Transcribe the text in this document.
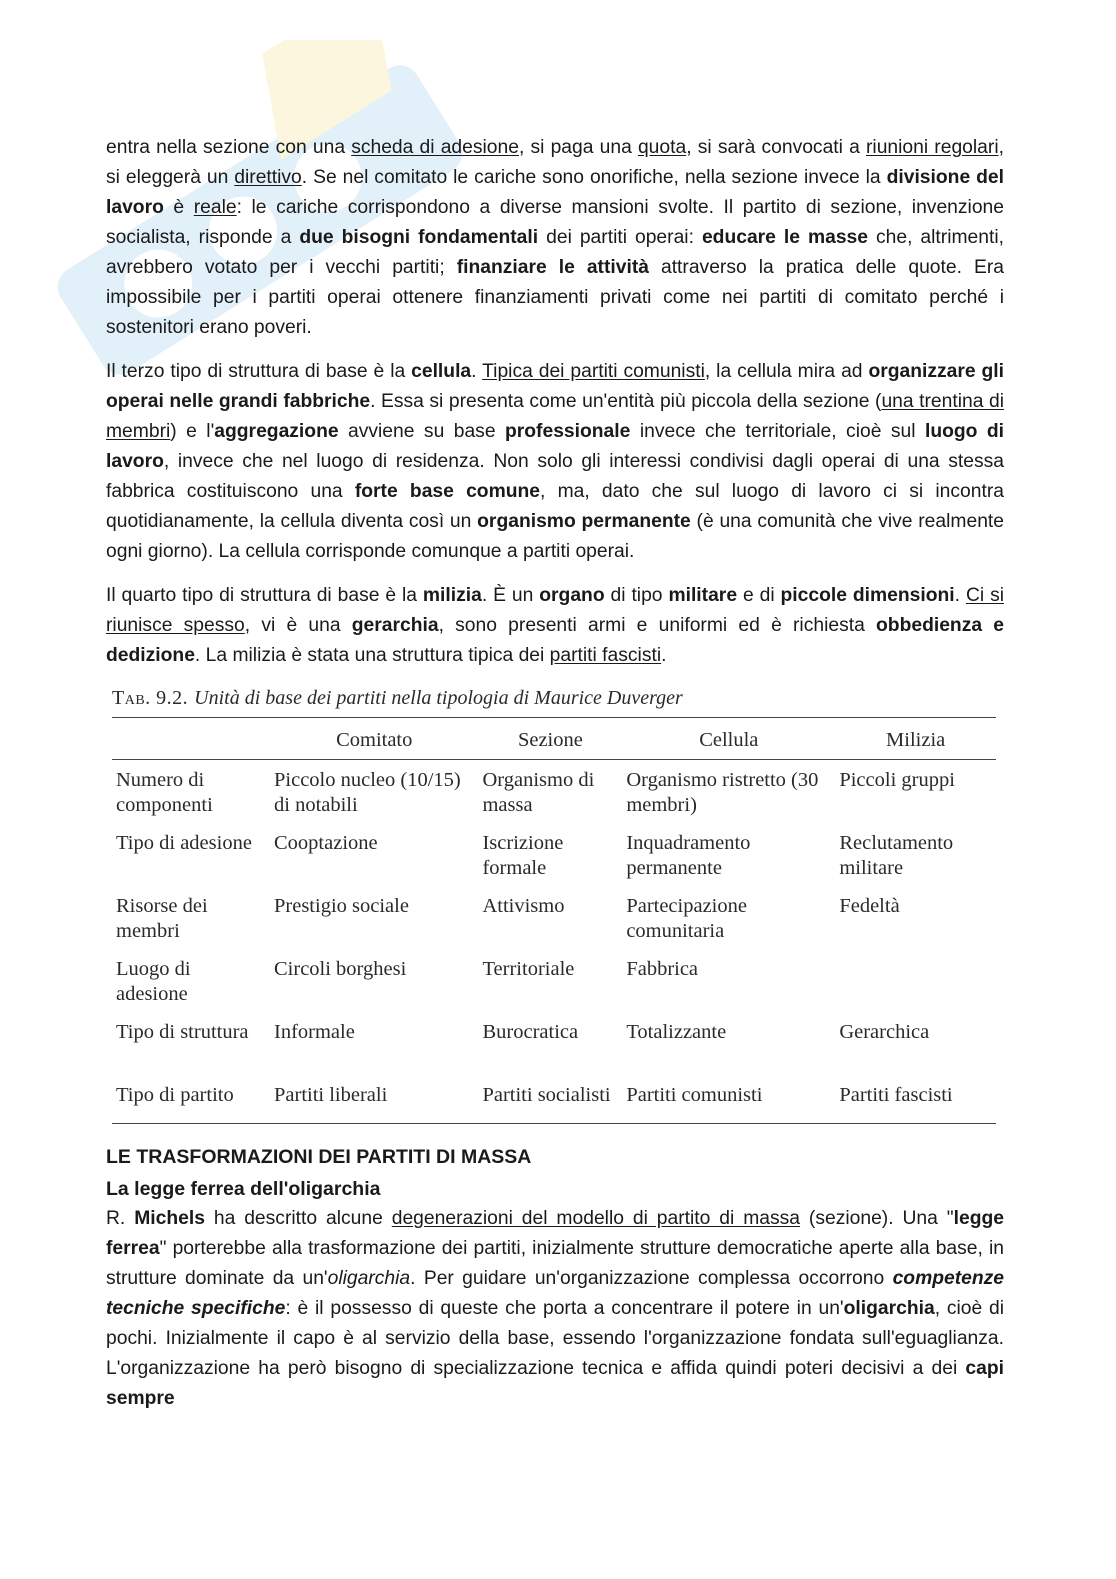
entra nella sezione con una scheda di adesione, si paga una quota, si sarà convocati a riunioni regolari, si eleggerà un direttivo. Se nel comitato le cariche sono onorifiche, nella sezione invece la divisione del lavoro è reale: le cariche corrispondono a diverse mansioni svolte. Il partito di sezione, invenzione socialista, risponde a due bisogni fondamentali dei partiti operai: educare le masse che, altrimenti, avrebbero votato per i vecchi partiti; finanziare le attività attraverso la pratica delle quote. Era impossibile per i partiti operai ottenere finanziamenti privati come nei partiti di comitato perché i sostenitori erano poveri.

Il terzo tipo di struttura di base è la cellula. Tipica dei partiti comunisti, la cellula mira ad organizzare gli operai nelle grandi fabbriche. Essa si presenta come un'entità più piccola della sezione (una trentina di membri) e l'aggregazione avviene su base professionale invece che territoriale, cioè sul luogo di lavoro, invece che nel luogo di residenza. Non solo gli interessi condivisi dagli operai di una stessa fabbrica costituiscono una forte base comune, ma, dato che sul luogo di lavoro ci si incontra quotidianamente, la cellula diventa così un organismo permanente (è una comunità che vive realmente ogni giorno). La cellula corrisponde comunque a partiti operai.

Il quarto tipo di struttura di base è la milizia. È un organo di tipo militare e di piccole dimensioni. Ci si riunisce spesso, vi è una gerarchia, sono presenti armi e uniformi ed è richiesta obbedienza e dedizione. La milizia è stata una struttura tipica dei partiti fascisti.

Tab. 9.2. Unità di base dei partiti nella tipologia di Maurice Duverger
	Comitato	Sezione	Cellula	Milizia
Numero di componenti	Piccolo nucleo (10/15) di notabili	Organismo di massa	Organismo ristretto (30 membri)	Piccoli gruppi
Tipo di adesione	Cooptazione	Iscrizione formale	Inquadramento permanente	Reclutamento militare
Risorse dei membri	Prestigio sociale	Attivismo	Partecipazione comunitaria	Fedeltà
Luogo di adesione	Circoli borghesi	Territoriale	Fabbrica	
Tipo di struttura	Informale	Burocratica	Totalizzante	Gerarchica
Tipo di partito	Partiti liberali	Partiti socialisti	Partiti comunisti	Partiti fascisti
LE TRASFORMAZIONI DEI PARTITI DI MASSA
La legge ferrea dell'oligarchia

R. Michels ha descritto alcune degenerazioni del modello di partito di massa (sezione). Una "legge ferrea" porterebbe alla trasformazione dei partiti, inizialmente strutture democratiche aperte alla base, in strutture dominate da un'oligarchia. Per guidare un'organizzazione complessa occorrono competenze tecniche specifiche: è il possesso di queste che porta a concentrare il potere in un'oligarchia, cioè di pochi. Inizialmente il capo è al servizio della base, essendo l'organizzazione fondata sull'eguaglianza. L'organizzazione ha però bisogno di specializzazione tecnica e affida quindi poteri decisivi a dei capi sempre
